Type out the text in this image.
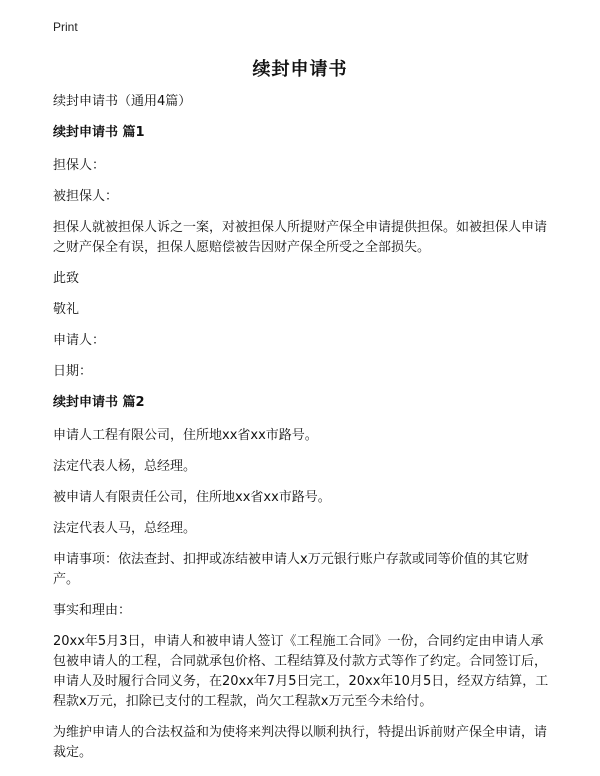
Print
续封申请书

续封申请书（通用4篇）

续封申请书 篇1

担保人：

被担保人：

担保人就被担保人诉之一案，对被担保人所提财产保全申请提供担保。如被担保人申请之财产保全有误，担保人愿赔偿被告因财产保全所受之全部损失。

此致

敬礼

申请人：

日期：

续封申请书 篇2

申请人工程有限公司，住所地xx省xx市路号。

法定代表人杨，总经理。

被申请人有限责任公司，住所地xx省xx市路号。

法定代表人马，总经理。

申请事项：依法查封、扣押或冻结被申请人x万元银行账户存款或同等价值的其它财产。

事实和理由：

20xx年5月3日，申请人和被申请人签订《工程施工合同》一份，合同约定由申请人承包被申请人的工程，合同就承包价格、工程结算及付款方式等作了约定。合同签订后，申请人及时履行合同义务，在20xx年7月5日完工，20xx年10月5日，经双方结算，工程款x万元，扣除已支付的工程款，尚欠工程款x万元至今未给付。

为维护申请人的合法权益和为使将来判决得以顺利执行，特提出诉前财产保全申请，请裁定。
